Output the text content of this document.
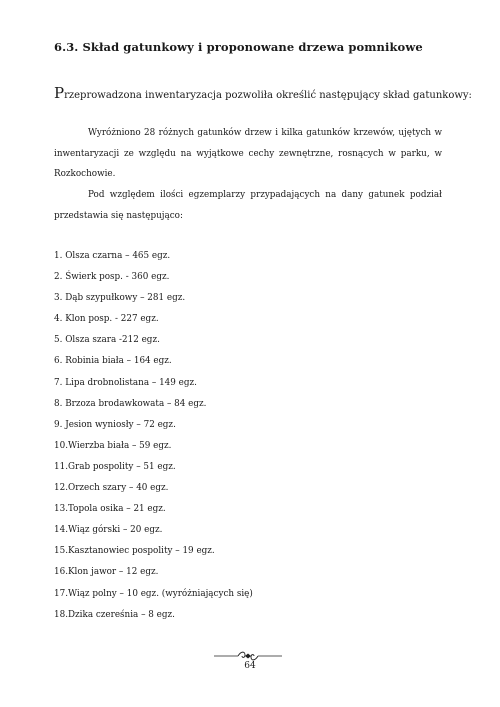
6.3. Skład gatunkowy i proponowane drzewa pomnikowe

Przeprowadzona inwentaryzacja pozwoliła określić następujący skład gatunkowy:

Wyróżniono 28 różnych gatunków drzew i kilka gatunków krzewów, ujętych w inwentaryzacji ze względu na wyjątkowe cechy zewnętrzne, rosnących w parku, w Rozkochowie.

Pod względem ilości egzemplarzy przypadających na dany gatunek podział przedstawia się następująco:

1. Olsza czarna – 465 egz.
2. Świerk posp. - 360 egz.
3. Dąb szypułkowy – 281 egz.
4. Klon posp. - 227 egz.
5. Olsza szara -212 egz.
6. Robinia biała – 164 egz.
7. Lipa drobnolistana – 149 egz.
8. Brzoza brodawkowata – 84 egz.
9. Jesion wyniosły – 72 egz.
10.Wierzba biała – 59 egz.
11.Grab pospolity – 51 egz.
12.Orzech szary – 40 egz.
13.Topola osika – 21 egz.
14.Wiąz górski – 20 egz.
15.Kasztanowiec pospolity – 19 egz.
16.Klon jawor – 12 egz.
17.Wiąz polny – 10 egz. (wyróżniających się)
18.Dzika czereśnia – 8 egz.

64
